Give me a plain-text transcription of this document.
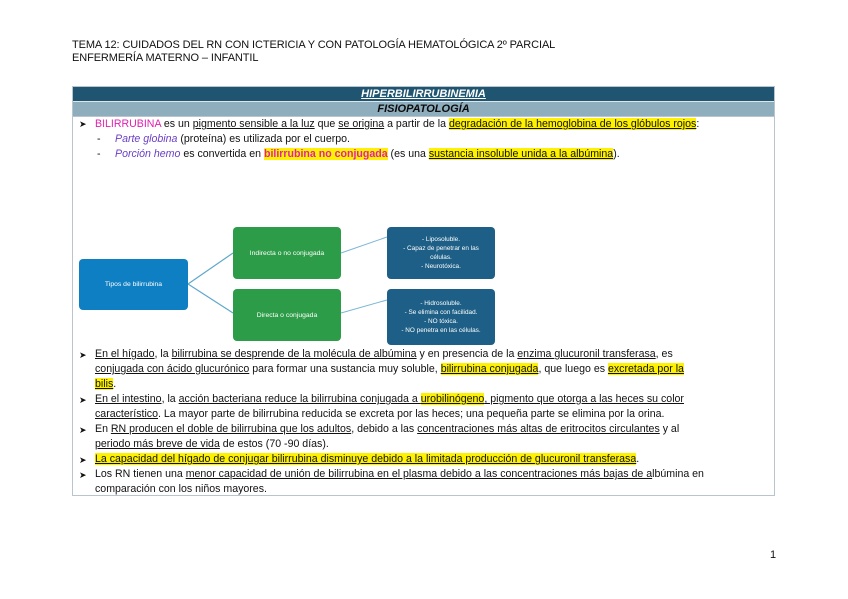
TEMA 12: CUIDADOS DEL RN CON ICTERICIA Y CON PATOLOGÍA HEMATOLÓGICA 2º PARCIAL
ENFERMERÍA MATERNO – INFANTIL
HIPERBILIRRUBINEMIA
FISIOPATOLOGÍA
➤ BILIRRUBINA es un pigmento sensible a la luz que se origina a partir de la degradación de la hemoglobina de los glóbulos rojos:
- Parte globina (proteína) es utilizada por el cuerpo.
- Porción hemo es convertida en bilirrubina no conjugada (es una sustancia insoluble unida a la albúmina).
Tipos de bilirrubina
Indirecta o no conjugada
Directa o conjugada
- Liposoluble.
- Capaz de penetrar en las células.
- Neurotóxica.
- Hidrosoluble.
- Se elimina con facilidad.
- NO tóxica.
- NO penetra en las células.
➤ En el hígado, la bilirrubina se desprende de la molécula de albúmina y en presencia de la enzima glucuronil transferasa, es
conjugada con ácido glucurónico para formar una sustancia muy soluble, bilirrubina conjugada, que luego es excretada por la
bilis.
➤ En el intestino, la acción bacteriana reduce la bilirrubina conjugada a urobilinógeno, pigmento que otorga a las heces su color
característico. La mayor parte de bilirrubina reducida se excreta por las heces; una pequeña parte se elimina por la orina.
➤ En RN producen el doble de bilirrubina que los adultos, debido a las concentraciones más altas de eritrocitos circulantes y al
periodo más breve de vida de estos (70 -90 días).
➤ La capacidad del hígado de conjugar bilirrubina disminuye debido a la limitada producción de glucuronil transferasa.
➤ Los RN tienen una menor capacidad de unión de bilirrubina en el plasma debido a las concentraciones más bajas de albúmina en
comparación con los niños mayores.
1
